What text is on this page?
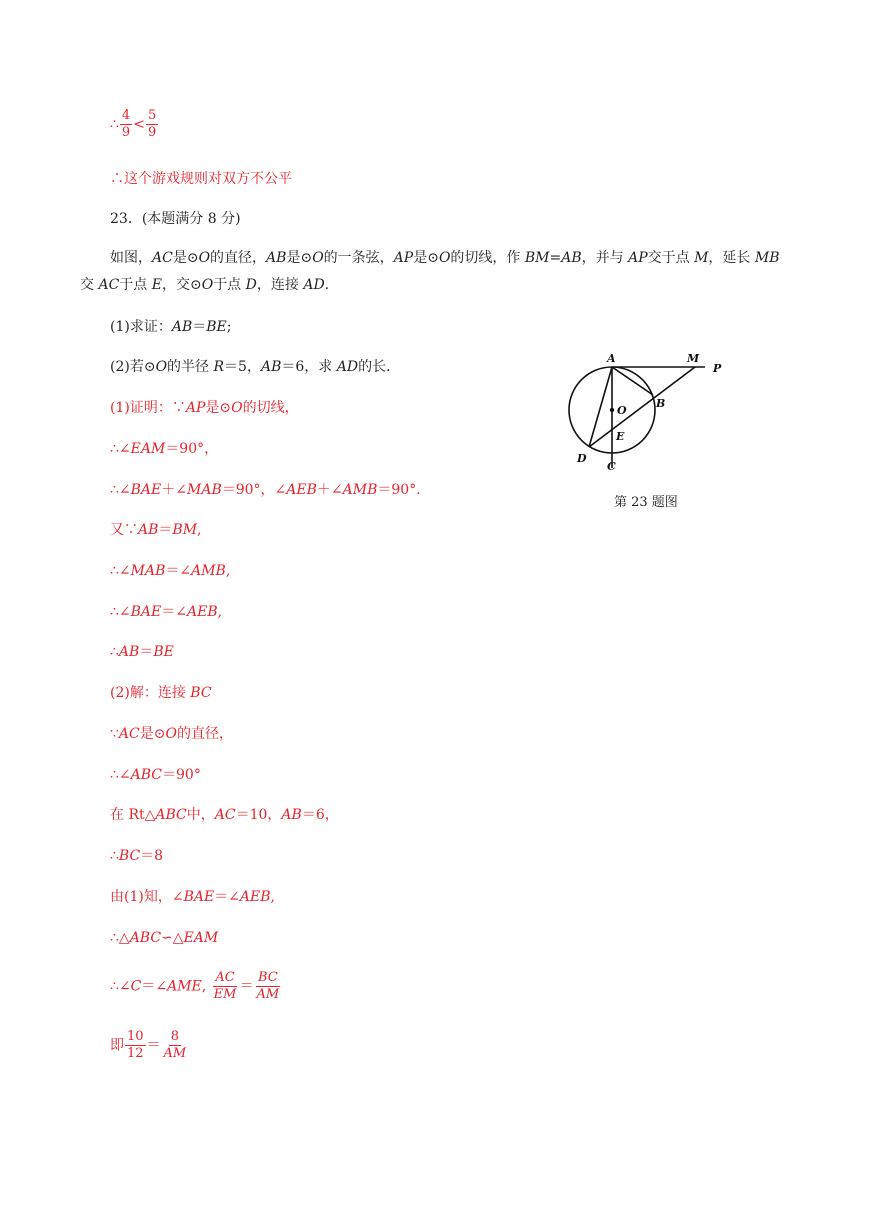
∴ $\frac{4}{9} < \frac{5}{9}$
∴这个游戏规则对双方不公平
23．(本题满分 8 分)
如图，AC是⊙O的直径，AB是⊙O的一条弦，AP是⊙O的切线，作 BM=AB，并与 AP交于点 M，延长 MB
交 AC于点 E，交⊙O于点 D，连接 AD.
(1)求证：AB＝BE;
(2)若⊙O的半径 R＝5，AB＝6，求 AD的长．
(1)证明：∵AP是⊙O的切线，
∴∠EAM＝90°，
∴∠BAE＋∠MAB＝90°，∠AEB＋∠AMB＝90°．
又∵AB＝BM,
∴∠MAB＝∠AMB,
∴∠BAE＝∠AEB,
∴AB＝BE
(2)解：连接 BC
∵AC是⊙O的直径，
∴∠ABC＝90°
在 Rt△ABC中，AC＝10，AB＝6，
∴BC＝8
由(1)知，∠BAE＝∠AEB,
∴△ABC∽△EAM
∴∠C＝∠AME, $\frac{AC}{EM} = \frac{BC}{AM}$
即 $\frac{10}{12} = \frac{8}{AM}$
A	M
P
O
B
E
D
C
第 23 题图
